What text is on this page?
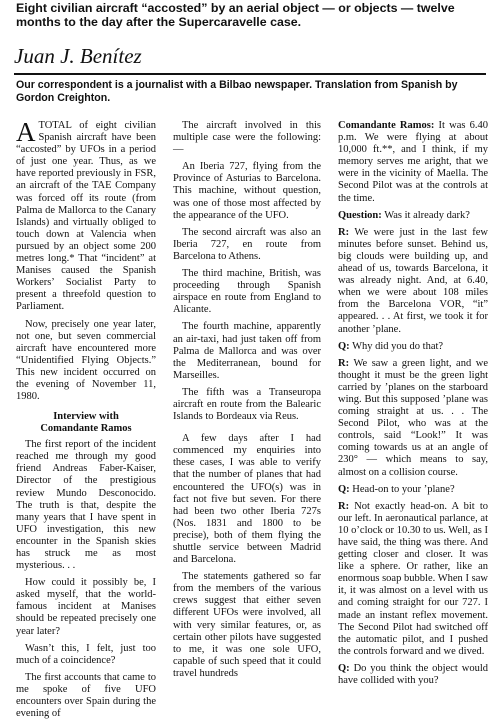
Eight civilian aircraft “accosted” by an aerial object — or objects — twelve months to the day after the Supercaravelle case.
Juan J. Benítez
Our correspondent is a journalist with a Bilbao newspaper. Translation from Spanish by Gordon Creighton.

ATOTAL of eight civilian Spanish aircraft have been “accosted” by UFOs in a period of just one year. Thus, as we have reported previously in FSR, an aircraft of the TAE Company was forced off its route (from Palma de Mallorca to the Canary Islands) and virtually obliged to touch down at Valencia when pursued by an object some 200 metres long.* That “incident” at Manises caused the Spanish Workers’ Socialist Party to present a threefold question to Parliament.

Now, precisely one year later, not one, but seven commercial aircraft have encountered more “Unidentified Flying Objects.” This new incident occurred on the evening of November 11, 1980.

Interview with
Comandante Ramos

The first report of the incident reached me through my good friend Andreas Faber-Kaiser, Director of the prestigious review Mundo Desconocido. The truth is that, despite the many years that I have spent in UFO investigation, this new encounter in the Spanish skies has struck me as most mysterious. . .

How could it possibly be, I asked myself, that the world-famous incident at Manises should be repeated precisely one year later?

Wasn’t this, I felt, just too much of a coincidence?

The first accounts that came to me spoke of five UFO encounters over Spain during the evening of

The aircraft involved in this multiple case were the following:—

An Iberia 727, flying from the Province of Asturias to Barcelona. This machine, without question, was one of those most affected by the appearance of the UFO.

The second aircraft was also an Iberia 727, en route from Barcelona to Athens.

The third machine, British, was proceeding through Spanish airspace en route from England to Alicante.

The fourth machine, apparently an air-taxi, had just taken off from Palma de Mallorca and was over the Mediterranean, bound for Marseilles.

The fifth was a Transeuropa aircraft en route from the Balearic Islands to Bordeaux via Reus.

A few days after I had commenced my enquiries into these cases, I was able to verify that the number of planes that had encountered the UFO(s) was in fact not five but seven. For there had been two other Iberia 727s (Nos. 1831 and 1800 to be precise), both of them flying the shuttle service between Madrid and Barcelona.

The statements gathered so far from the members of the various crews suggest that either seven different UFOs were involved, all with very similar features, or, as certain other pilots have suggested to me, it was one sole UFO, capable of such speed that it could travel hundreds

Comandante Ramos: It was 6.40 p.m. We were flying at about 10,000 ft.**, and I think, if my memory serves me aright, that we were in the vicinity of Maella. The Second Pilot was at the controls at the time.

Question: Was it already dark?

R: We were just in the last few minutes before sunset. Behind us, big clouds were building up, and ahead of us, towards Barcelona, it was already night. And, at 6.40, when we were about 108 miles from the Barcelona VOR, “it” appeared. . . At first, we took it for another ’plane.

Q: Why did you do that?

R: We saw a green light, and we thought it must be the green light carried by ’planes on the starboard wing. But this supposed ’plane was coming straight at us. . . The Second Pilot, who was at the controls, said “Look!” It was coming towards us at an angle of 230° — which means to say, almost on a collision course.

Q: Head-on to your ’plane?

R: Not exactly head-on. A bit to our left. In aeronautical parlance, at 10 o’clock or 10.30 to us. Well, as I have said, the thing was there. And getting closer and closer. It was like a sphere. Or rather, like an enormous soap bubble. When I saw it, it was almost on a level with us and coming straight for our 727. I made an instant reflex movement. The Second Pilot had switched off the automatic pilot, and I pushed the controls forward and we dived.

Q: Do you think the object would have collided with you?
